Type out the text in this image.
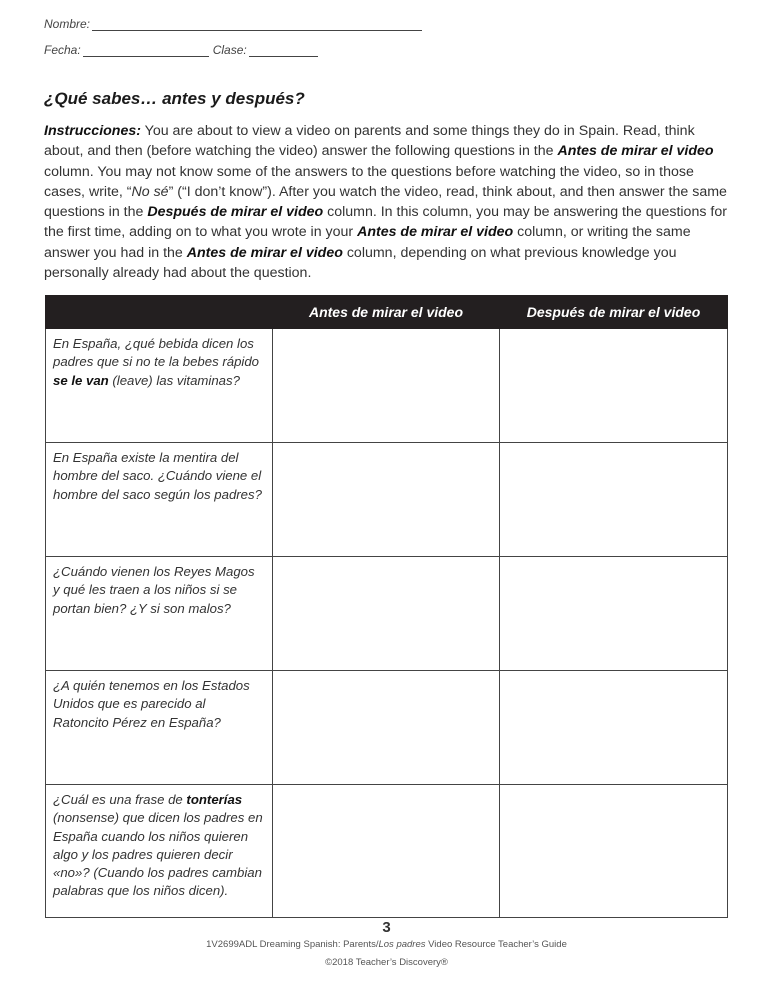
Nombre:
Fecha:	Clase:
¿Qué sabes… antes y después?
Instrucciones: You are about to view a video on parents and some things they do in Spain. Read, think about, and then (before watching the video) answer the following questions in the Antes de mirar el video column. You may not know some of the answers to the questions before watching the video, so in those cases, write, “No sé” (“I don’t know”). After you watch the video, read, think about, and then answer the same questions in the Después de mirar el video column. In this column, you may be answering the questions for the first time, adding on to what you wrote in your Antes de mirar el video column, or writing the same answer you had in the Antes de mirar el video column, depending on what previous knowledge you personally already had about the question.
	Antes de mirar el video	Después de mirar el video
En España, ¿qué bebida dicen los padres que si no te la bebes rápido se le van (leave) las vitaminas?		
En España existe la mentira del hombre del saco. ¿Cuándo viene el hombre del saco según los padres?		
¿Cuándo vienen los Reyes Magos y qué les traen a los niños si se portan bien? ¿Y si son malos?		
¿A quién tenemos en los Estados Unidos que es parecido al Ratoncito Pérez en España?		
¿Cuál es una frase de tonterías (nonsense) que dicen los padres en España cuando los niños quieren algo y los padres quieren decir «no»? (Cuando los padres cambian palabras que los niños dicen).		
3
1V2699ADL Dreaming Spanish: Parents/Los padres Video Resource Teacher’s Guide
©2018 Teacher’s Discovery®
